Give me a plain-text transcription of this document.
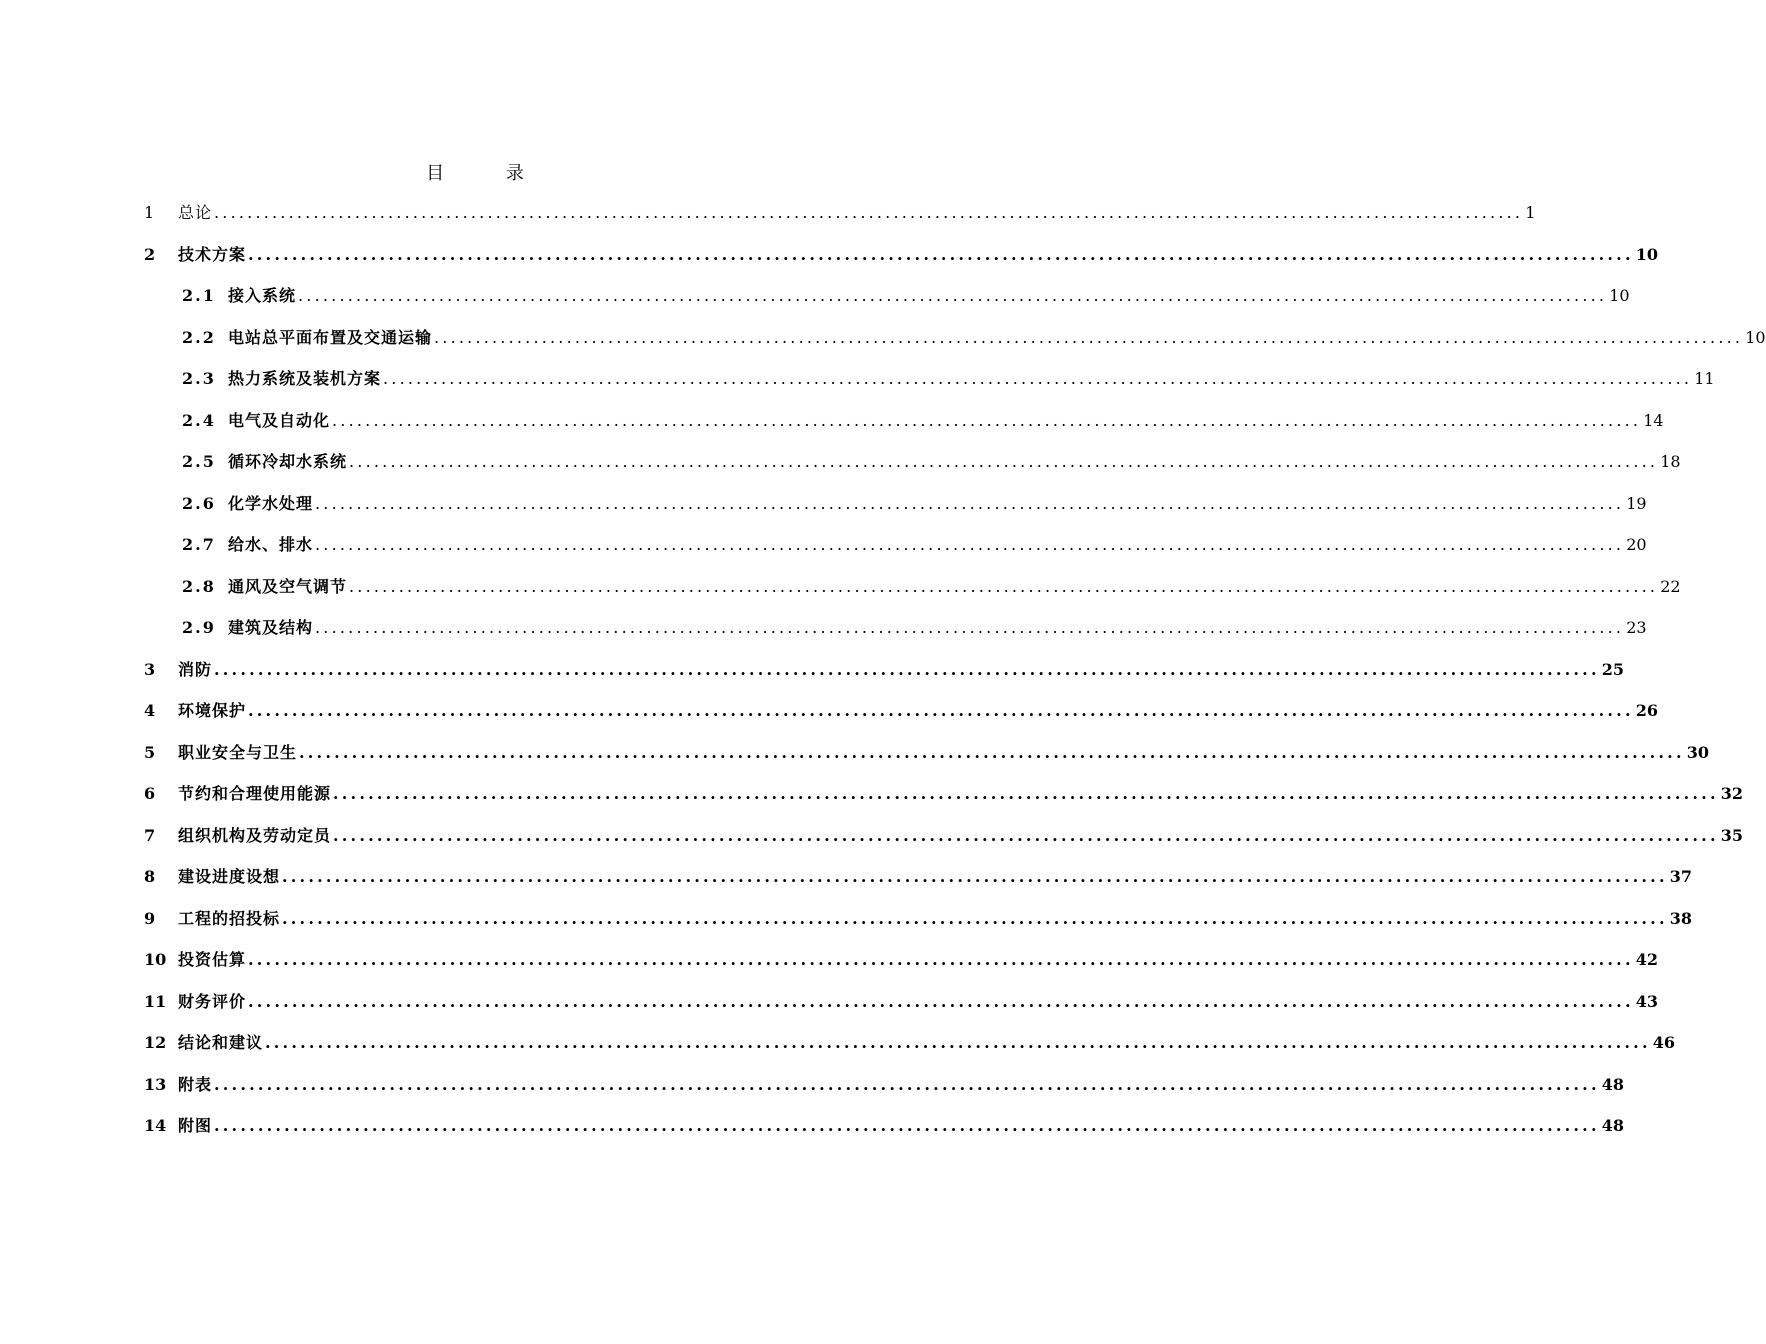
目 录
1	总论 .............................................................................................................................................................. 1
2	技术方案 .............................................................................................................................................................. 10
2.1 接入系统 .............................................................................................................................................................. 10
2.2 电站总平面布置及交通运输 .............................................................................................................................................................. 10
2.3 热力系统及装机方案 .............................................................................................................................................................. 11
2.4 电气及自动化 .............................................................................................................................................................. 14
2.5 循环冷却水系统 .............................................................................................................................................................. 18
2.6 化学水处理 .............................................................................................................................................................. 19
2.7 给水、排水 .............................................................................................................................................................. 20
2.8 通风及空气调节 .............................................................................................................................................................. 22
2.9 建筑及结构 .............................................................................................................................................................. 23
3	消防 .............................................................................................................................................................. 25
4	环境保护 .............................................................................................................................................................. 26
5	职业安全与卫生 .............................................................................................................................................................. 30
6	节约和合理使用能源 .............................................................................................................................................................. 32
7	组织机构及劳动定员 .............................................................................................................................................................. 35
8	建设进度设想 .............................................................................................................................................................. 37
9	工程的招投标 .............................................................................................................................................................. 38
10 投资估算 .............................................................................................................................................................. 42
11 财务评价 .............................................................................................................................................................. 43
12 结论和建议 .............................................................................................................................................................. 46
13 附表 .............................................................................................................................................................. 48
14 附图 .............................................................................................................................................................. 48
